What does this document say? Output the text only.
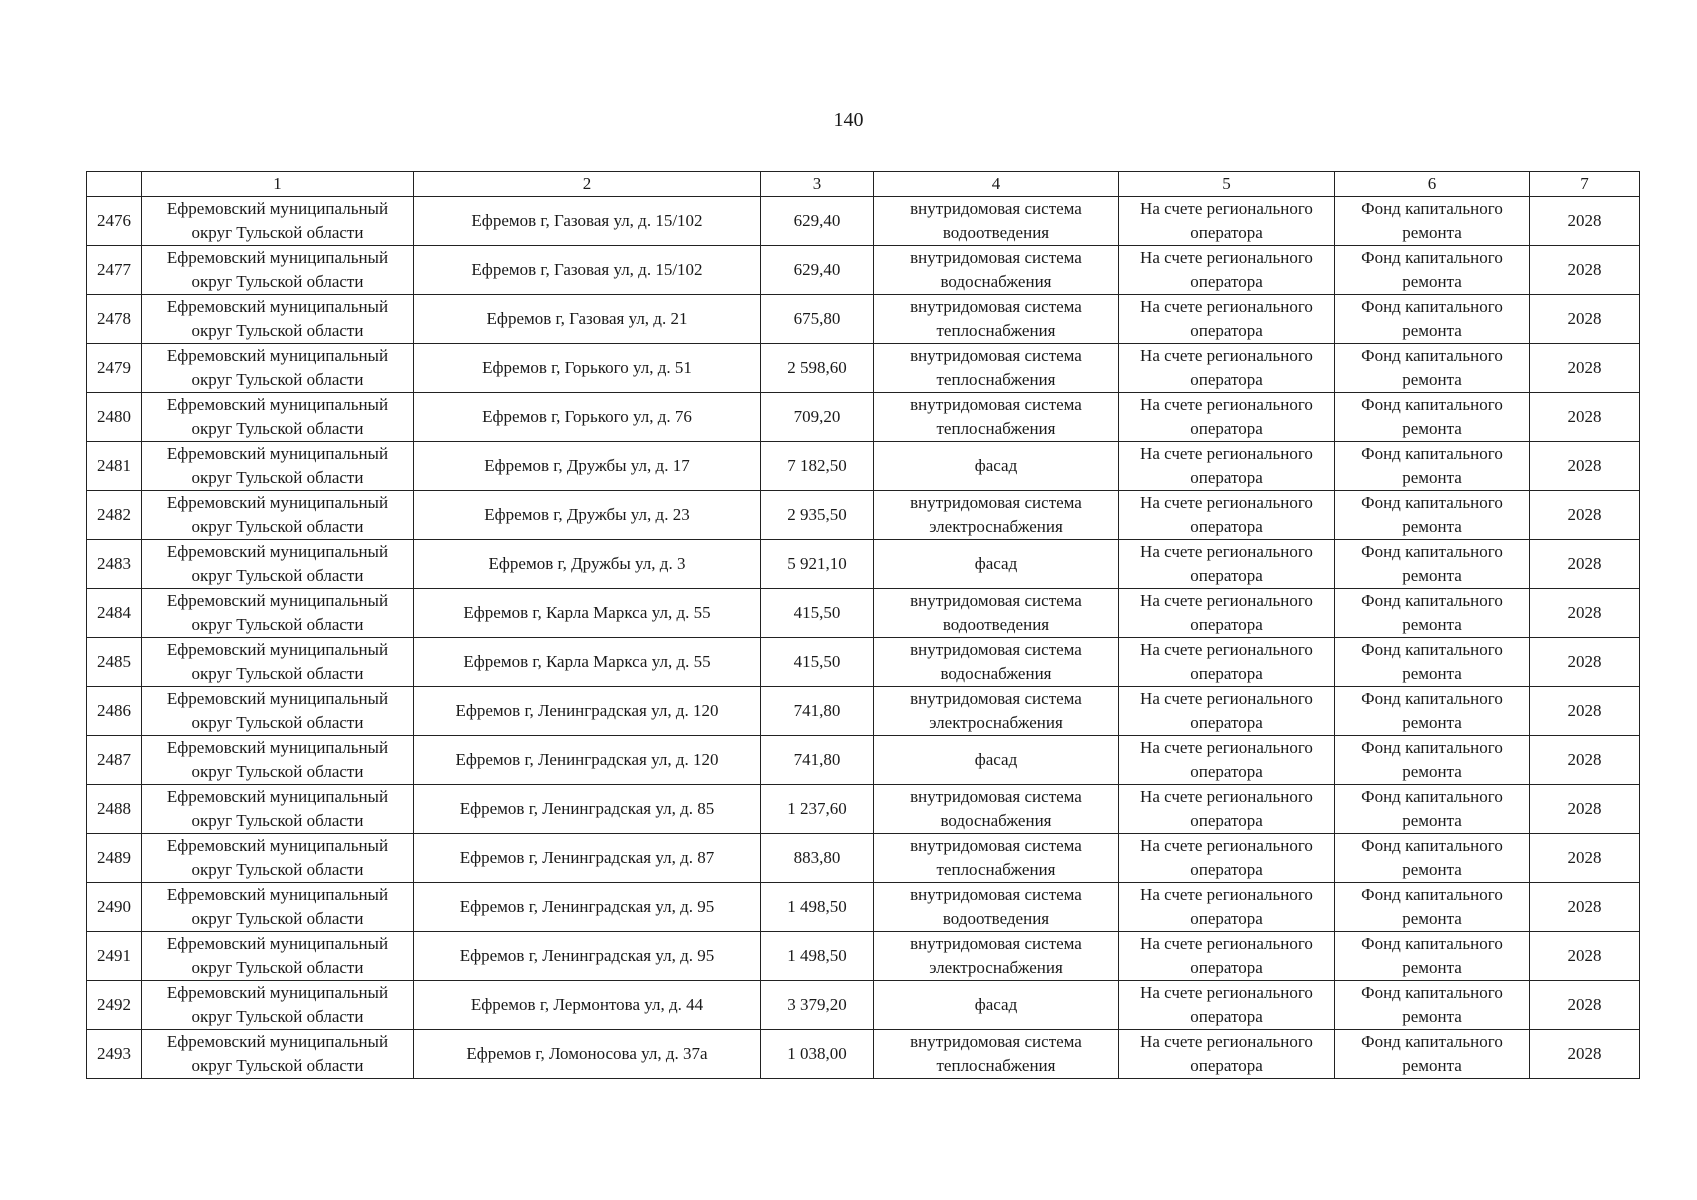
140
	1	2	3	4	5	6	7
2476	Ефремовский муниципальный округ Тульской области	Ефремов г, Газовая ул, д. 15/102	629,40	внутридомовая система водоотведения	На счете регионального оператора	Фонд капитального ремонта	2028
2477	Ефремовский муниципальный округ Тульской области	Ефремов г, Газовая ул, д. 15/102	629,40	внутридомовая система водоснабжения	На счете регионального оператора	Фонд капитального ремонта	2028
2478	Ефремовский муниципальный округ Тульской области	Ефремов г, Газовая ул, д. 21	675,80	внутридомовая система теплоснабжения	На счете регионального оператора	Фонд капитального ремонта	2028
2479	Ефремовский муниципальный округ Тульской области	Ефремов г, Горького ул, д. 51	2 598,60	внутридомовая система теплоснабжения	На счете регионального оператора	Фонд капитального ремонта	2028
2480	Ефремовский муниципальный округ Тульской области	Ефремов г, Горького ул, д. 76	709,20	внутридомовая система теплоснабжения	На счете регионального оператора	Фонд капитального ремонта	2028
2481	Ефремовский муниципальный округ Тульской области	Ефремов г, Дружбы ул, д. 17	7 182,50	фасад	На счете регионального оператора	Фонд капитального ремонта	2028
2482	Ефремовский муниципальный округ Тульской области	Ефремов г, Дружбы ул, д. 23	2 935,50	внутридомовая система электроснабжения	На счете регионального оператора	Фонд капитального ремонта	2028
2483	Ефремовский муниципальный округ Тульской области	Ефремов г, Дружбы ул, д. 3	5 921,10	фасад	На счете регионального оператора	Фонд капитального ремонта	2028
2484	Ефремовский муниципальный округ Тульской области	Ефремов г, Карла Маркса ул, д. 55	415,50	внутридомовая система водоотведения	На счете регионального оператора	Фонд капитального ремонта	2028
2485	Ефремовский муниципальный округ Тульской области	Ефремов г, Карла Маркса ул, д. 55	415,50	внутридомовая система водоснабжения	На счете регионального оператора	Фонд капитального ремонта	2028
2486	Ефремовский муниципальный округ Тульской области	Ефремов г, Ленинградская ул, д. 120	741,80	внутридомовая система электроснабжения	На счете регионального оператора	Фонд капитального ремонта	2028
2487	Ефремовский муниципальный округ Тульской области	Ефремов г, Ленинградская ул, д. 120	741,80	фасад	На счете регионального оператора	Фонд капитального ремонта	2028
2488	Ефремовский муниципальный округ Тульской области	Ефремов г, Ленинградская ул, д. 85	1 237,60	внутридомовая система водоснабжения	На счете регионального оператора	Фонд капитального ремонта	2028
2489	Ефремовский муниципальный округ Тульской области	Ефремов г, Ленинградская ул, д. 87	883,80	внутридомовая система теплоснабжения	На счете регионального оператора	Фонд капитального ремонта	2028
2490	Ефремовский муниципальный округ Тульской области	Ефремов г, Ленинградская ул, д. 95	1 498,50	внутридомовая система водоотведения	На счете регионального оператора	Фонд капитального ремонта	2028
2491	Ефремовский муниципальный округ Тульской области	Ефремов г, Ленинградская ул, д. 95	1 498,50	внутридомовая система электроснабжения	На счете регионального оператора	Фонд капитального ремонта	2028
2492	Ефремовский муниципальный округ Тульской области	Ефремов г, Лермонтова ул, д. 44	3 379,20	фасад	На счете регионального оператора	Фонд капитального ремонта	2028
2493	Ефремовский муниципальный округ Тульской области	Ефремов г, Ломоносова ул, д. 37а	1 038,00	внутридомовая система теплоснабжения	На счете регионального оператора	Фонд капитального ремонта	2028
